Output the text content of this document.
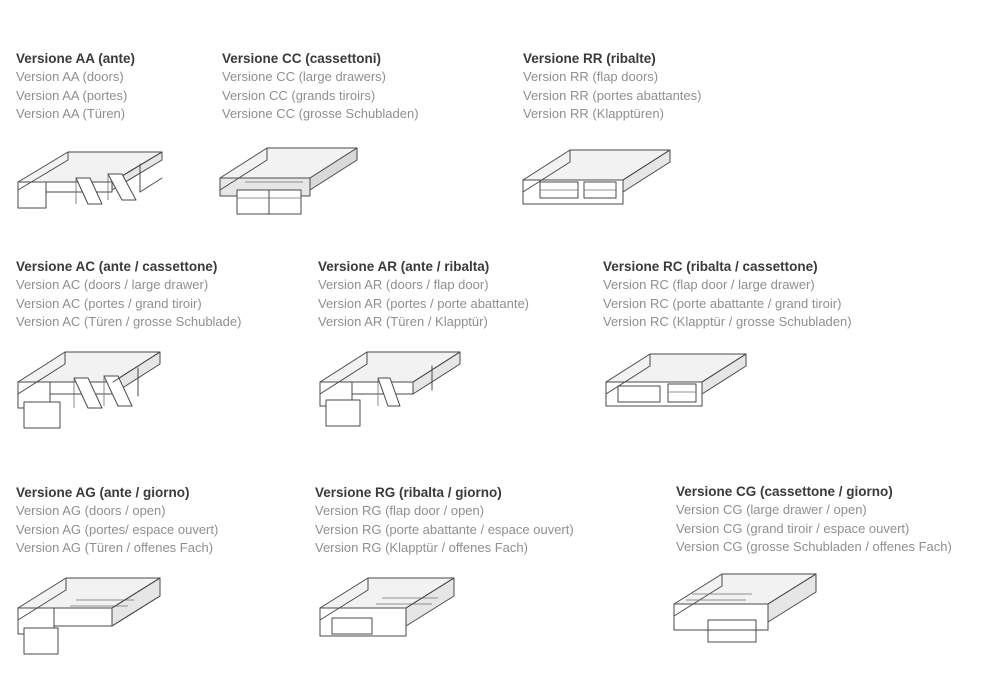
Versione AA (ante)
Version AA (doors)
Version AA (portes)
Version AA (Türen)
Versione CC (cassettoni)
Versione CC (large drawers)
Version CC (grands tiroirs)
Versione CC (grosse Schubladen)
Versione RR (ribalte)
Version RR (flap doors)
Version RR (portes abattantes)
Version RR (Klapptüren)
Versione AC (ante / cassettone)
Version AC (doors / large drawer)
Version AC (portes / grand tiroir)
Version AC (Türen / grosse Schublade)
Versione AR (ante / ribalta)
Version AR (doors / flap door)
Version AR (portes / porte abattante)
Version AR (Türen / Klapptür)
Versione RC (ribalta / cassettone)
Version RC (flap door / large drawer)
Version RC (porte abattante / grand tiroir)
Version RC (Klapptür / grosse Schubladen)
Versione AG (ante / giorno)
Version AG (doors / open)
Version AG (portes/ espace ouvert)
Version AG (Türen / offenes Fach)
Versione RG (ribalta / giorno)
Version RG (flap door / open)
Version RG (porte abattante / espace ouvert)
Version RG (Klapptür / offenes Fach)
Versione CG (cassettone / giorno)
Version CG (large drawer / open)
Version CG (grand tiroir / espace ouvert)
Version CG (grosse Schubladen / offenes Fach)
